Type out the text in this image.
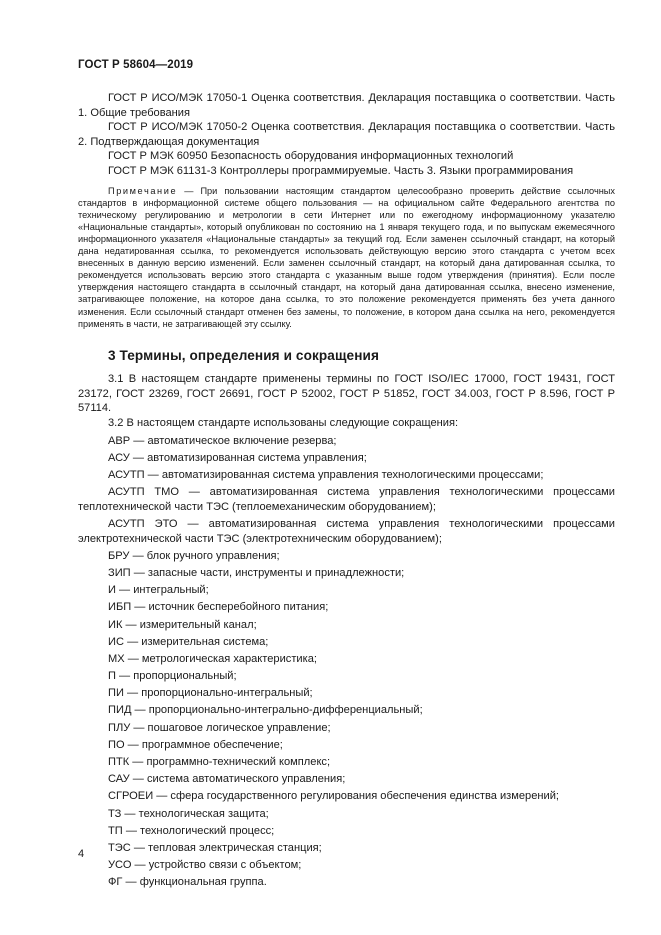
ГОСТ Р 58604—2019

ГОСТ Р ИСО/МЭК 17050-1 Оценка соответствия. Декларация поставщика о соответствии. Часть 1. Общие требования

ГОСТ Р ИСО/МЭК 17050-2 Оценка соответствия. Декларация поставщика о соответствии. Часть 2. Подтверждающая документация

ГОСТ Р МЭК 60950 Безопасность оборудования информационных технологий

ГОСТ Р МЭК 61131-3 Контроллеры программируемые. Часть 3. Языки программирования

Примечание — При пользовании настоящим стандартом целесообразно проверить действие ссылочных стандартов в информационной системе общего пользования — на официальном сайте Федерального агентства по техническому регулированию и метрологии в сети Интернет или по ежегодному информационному указателю «Национальные стандарты», который опубликован по состоянию на 1 января текущего года, и по выпускам ежемесячного информационного указателя «Национальные стандарты» за текущий год. Если заменен ссылочный стандарт, на который дана недатированная ссылка, то рекомендуется использовать действующую версию этого стандарта с учетом всех внесенных в данную версию изменений. Если заменен ссылочный стандарт, на который дана датированная ссылка, то рекомендуется использовать версию этого стандарта с указанным выше годом утверждения (принятия). Если после утверждения настоящего стандарта в ссылочный стандарт, на который дана датированная ссылка, внесено изменение, затрагивающее положение, на которое дана ссылка, то это положение рекомендуется применять без учета данного изменения. Если ссылочный стандарт отменен без замены, то положение, в котором дана ссылка на него, рекомендуется применять в части, не затрагивающей эту ссылку.

3 Термины, определения и сокращения

3.1 В настоящем стандарте применены термины по ГОСТ ISO/IEC 17000, ГОСТ 19431, ГОСТ 23172, ГОСТ 23269, ГОСТ 26691, ГОСТ Р 52002, ГОСТ Р 51852, ГОСТ 34.003, ГОСТ Р 8.596, ГОСТ Р 57114.

3.2 В настоящем стандарте использованы следующие сокращения:

АВР — автоматическое включение резерва;

АСУ — автоматизированная система управления;

АСУТП — автоматизированная система управления технологическими процессами;

АСУТП ТМО — автоматизированная система управления технологическими процессами теплотехнической части ТЭС (теплоемеханическим оборудованием);

АСУТП ЭТО — автоматизированная система управления технологическими процессами электротехнической части ТЭС (электротехническим оборудованием);

БРУ — блок ручного управления;

ЗИП — запасные части, инструменты и принадлежности;

И — интегральный;

ИБП — источник бесперебойного питания;

ИК — измерительный канал;

ИС — измерительная система;

МХ — метрологическая характеристика;

П — пропорциональный;

ПИ — пропорционально-интегральный;

ПИД — пропорционально-интегрально-дифференциальный;

ПЛУ — пошаговое логическое управление;

ПО — программное обеспечение;

ПТК — программно-технический комплекс;

САУ — система автоматического управления;

СГРОЕИ — сфера государственного регулирования обеспечения единства измерений;

ТЗ — технологическая защита;

ТП — технологический процесс;

ТЭС — тепловая электрическая станция;

УСО — устройство связи с объектом;

ФГ — функциональная группа.

4
